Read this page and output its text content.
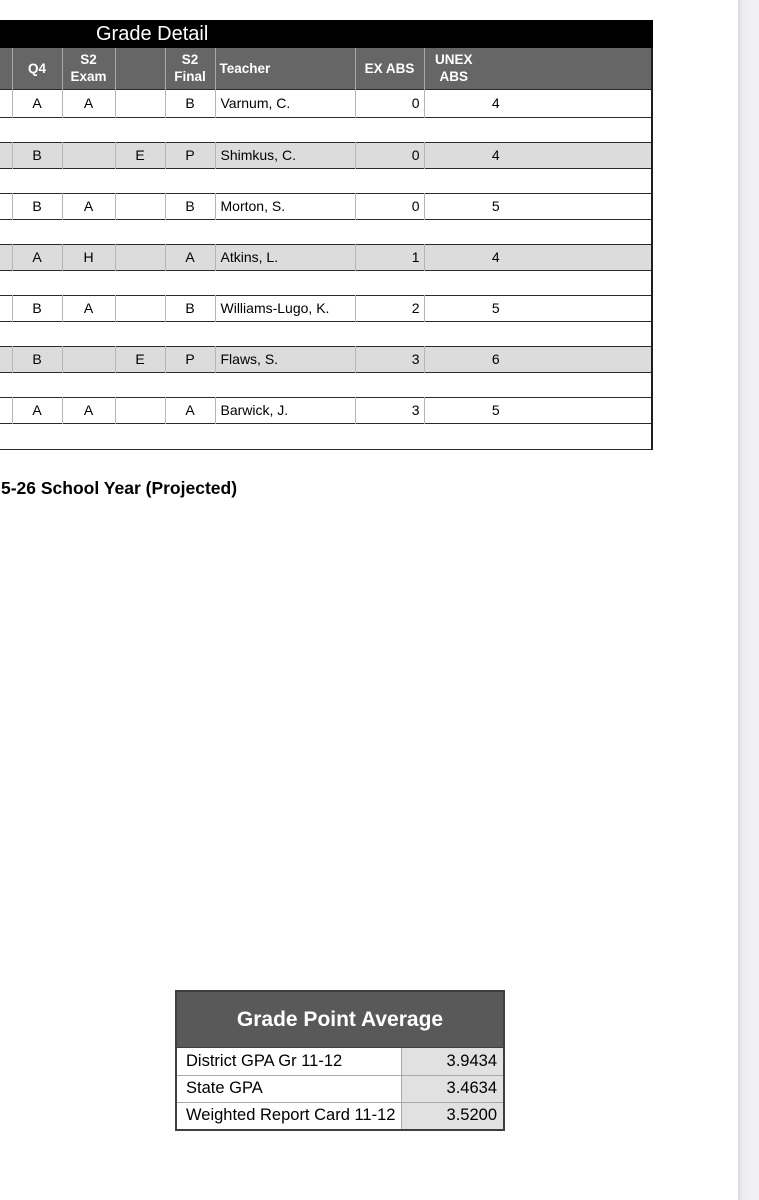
Grade Detail
	Q4	S2 Exam		S2 Final	Teacher	EX ABS	UNEX ABS
	A	A		B	Varnum, C.	0	4

	B		E	P	Shimkus, C.	0	4

	B	A		B	Morton, S.	0	5

	A	H		A	Atkins, L.	1	4

	B	A		B	Williams-Lugo, K.	2	5

	B		E	P	Flaws, S.	3	6

	A	A		A	Barwick, J.	3	5

5-26 School Year (Projected)
Grade Point Average
District GPA Gr 11-12	3.9434
State GPA	3.4634
Weighted Report Card 11-12	3.5200
